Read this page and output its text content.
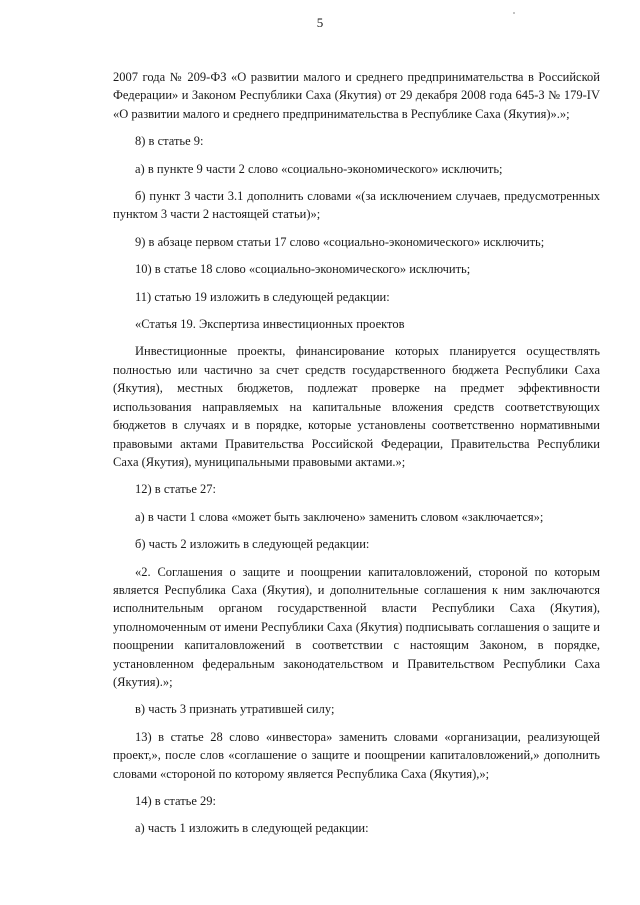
5

2007 года № 209-ФЗ «О развитии малого и среднего предпринимательства в Российской Федерации» и Законом Республики Саха (Якутия) от 29 декабря 2008 года 645-З № 179-IV «О развитии малого и среднего предпринимательства в Республике Саха (Якутия)».»;

8) в статье 9:

а) в пункте 9 части 2 слово «социально-экономического» исключить;

б) пункт 3 части 3.1 дополнить словами «(за исключением случаев, предусмотренных пунктом 3 части 2 настоящей статьи)»;

9) в абзаце первом статьи 17 слово «социально-экономического» исключить;

10) в статье 18 слово «социально-экономического» исключить;

11) статью 19 изложить в следующей редакции:

«Статья 19. Экспертиза инвестиционных проектов

Инвестиционные проекты, финансирование которых планируется осуществлять полностью или частично за счет средств государственного бюджета Республики Саха (Якутия), местных бюджетов, подлежат проверке на предмет эффективности использования направляемых на капитальные вложения средств соответствующих бюджетов в случаях и в порядке, которые установлены соответственно нормативными правовыми актами Правительства Российской Федерации, Правительства Республики Саха (Якутия), муниципальными правовыми актами.»;

12) в статье 27:

а) в части 1 слова «может быть заключено» заменить словом «заключается»;

б) часть 2 изложить в следующей редакции:

«2. Соглашения о защите и поощрении капиталовложений, стороной по которым является Республика Саха (Якутия), и дополнительные соглашения к ним заключаются исполнительным органом государственной власти Республики Саха (Якутия), уполномоченным от имени Республики Саха (Якутия) подписывать соглашения о защите и поощрении капиталовложений в соответствии с настоящим Законом, в порядке, установленном федеральным законодательством и Правительством Республики Саха (Якутия).»;

в) часть 3 признать утратившей силу;

13) в статье 28 слово «инвестора» заменить словами «организации, реализующей проект,», после слов «соглашение о защите и поощрении капиталовложений,» дополнить словами «стороной по которому является Республика Саха (Якутия),»;

14) в статье 29:

а) часть 1 изложить в следующей редакции:
